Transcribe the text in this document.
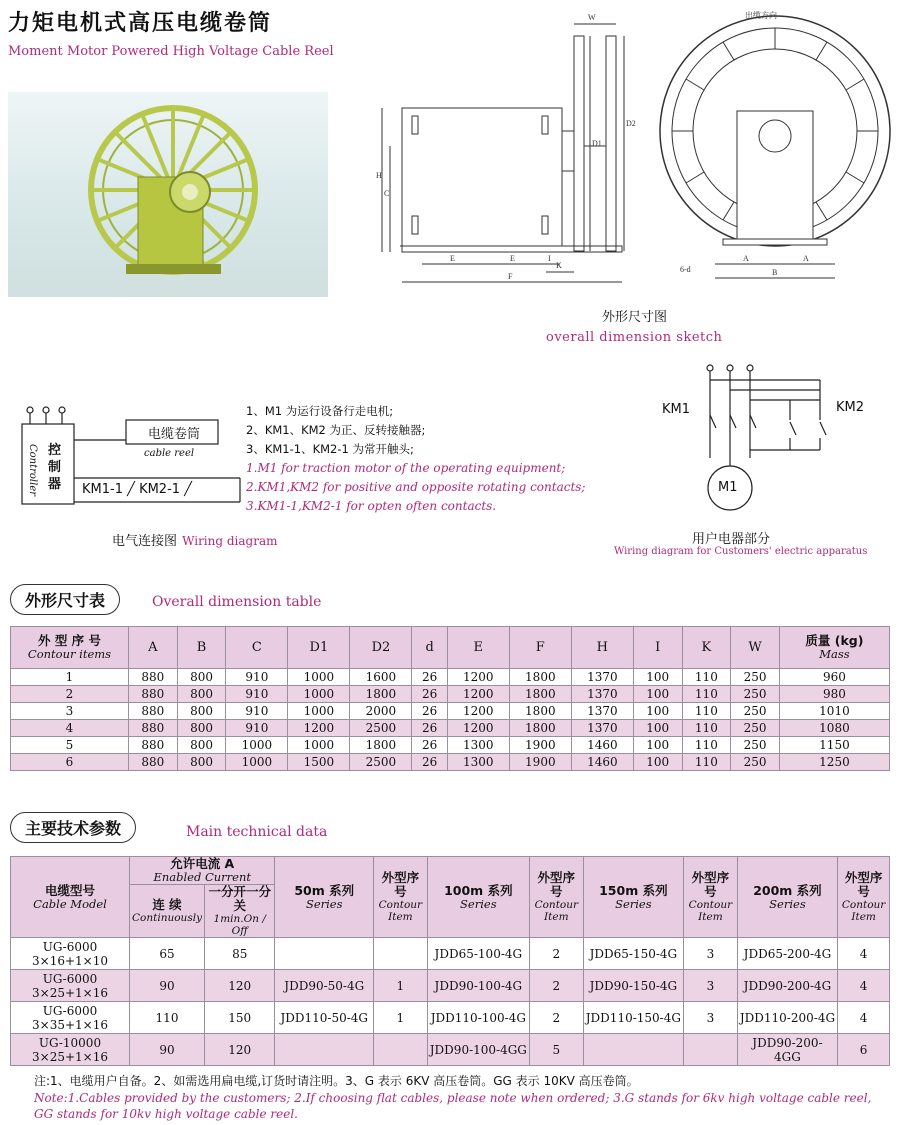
力矩电机式高压电缆卷筒
Moment Motor Powered High Voltage Cable Reel
W
H
C
D1
D2
E	E	I
K
F
出缆方向
A	A
B
6-d
外形尺寸图
overall dimension sketch
Controller 控制器
电缆卷筒
cable reel
KM1-1 ╱ KM2-1 ╱
电气连接图 Wiring diagram
1、M1 为运行设备行走电机;
2、KM1、KM2 为正、反转接触器;
3、KM1-1、KM2-1 为常开触头;
1.M1 for traction motor of the operating equipment;
2.KM1,KM2 for positive and opposite rotating contacts;
3.KM1-1,KM2-1 for opten often contacts.
KM1	KM2
M1
用户电器部分
Wiring diagram for Customers' electric apparatus
外形尺寸表	Overall dimension table
外 型 序 号
Contour items	A	B	C	D1	D2	d	E	F	H	I	K	W	质量 (kg)
Mass

1	880	800	910	1000	1600	26	1200	1800	1370	100	110	250	960
2	880	800	910	1000	1800	26	1200	1800	1370	100	110	250	980
3	880	800	910	1000	2000	26	1200	1800	1370	100	110	250	1010
4	880	800	910	1200	2500	26	1200	1800	1370	100	110	250	1080
5	880	800	1000	1000	1800	26	1300	1900	1460	100	110	250	1150
6	880	800	1000	1500	2500	26	1300	1900	1460	100	110	250	1250
主要技术参数	Main technical data
电缆型号
Cable Model	允许电流 A
Enabled Current		50m 系列
Series	外型序号
Contour Item	100m 系列
Series	外型序号
Contour Item	150m 系列
Series	外型序号
Contour Item	200m 系列
Series	外型序号
Contour Item

	连 续
Continuously	一分开一分关
1min.On / Off								

UG-6000
3×16+1×10	65	85			JDD65-100-4G	2	JDD65-150-4G	3	JDD65-200-4G	4

UG-6000
3×25+1×16	90	120	JDD90-50-4G	1	JDD90-100-4G	2	JDD90-150-4G	3	JDD90-200-4G	4

UG-6000
3×35+1×16	110	150	JDD110-50-4G	1	JDD110-100-4G	2	JDD110-150-4G	3	JDD110-200-4G	4

UG-10000
3×25+1×16	90	120			JDD90-100-4GG	5			JDD90-200-4GG	6
注:1、电缆用户自备。2、如需选用扁电缆,订货时请注明。3、G 表示 6KV 高压卷筒。GG 表示 10KV 高压卷筒。
Note:1.Cables provided by the customers; 2.If choosing flat cables, please note when ordered; 3.G stands for 6kv high voltage cable reel, GG stands for 10kv high voltage cable reel.
